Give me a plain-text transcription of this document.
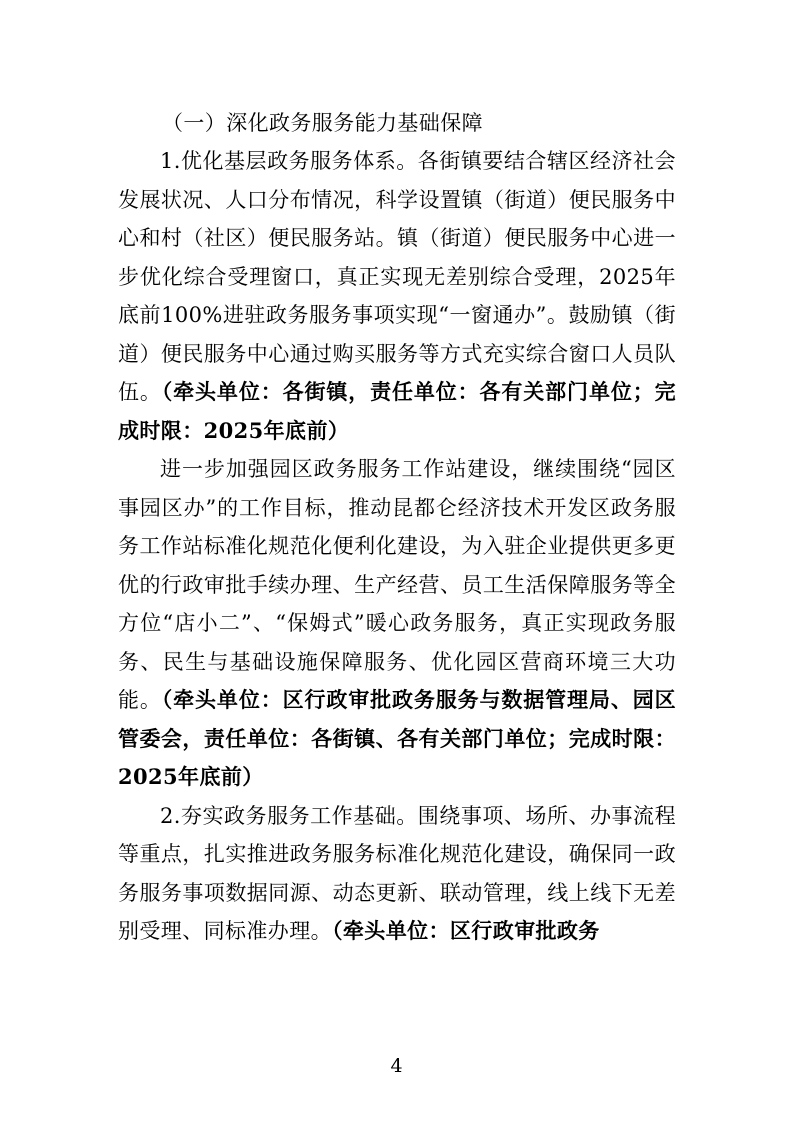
（一）深化政务服务能力基础保障

1.优化基层政务服务体系。各街镇要结合辖区经济社会发展状况、人口分布情况，科学设置镇（街道）便民服务中心和村（社区）便民服务站。镇（街道）便民服务中心进一步优化综合受理窗口，真正实现无差别综合受理，2025年底前100%进驻政务服务事项实现“一窗通办”。鼓励镇（街道）便民服务中心通过购买服务等方式充实综合窗口人员队伍。（牵头单位：各街镇，责任单位：各有关部门单位；完成时限：2025年底前）

进一步加强园区政务服务工作站建设，继续围绕“园区事园区办”的工作目标，推动昆都仑经济技术开发区政务服务工作站标准化规范化便利化建设，为入驻企业提供更多更优的行政审批手续办理、生产经营、员工生活保障服务等全方位“店小二”、“保姆式”暖心政务服务，真正实现政务服务、民生与基础设施保障服务、优化园区营商环境三大功能。（牵头单位：区行政审批政务服务与数据管理局、园区管委会，责任单位：各街镇、各有关部门单位；完成时限：2025年底前）

2.夯实政务服务工作基础。围绕事项、场所、办事流程等重点，扎实推进政务服务标准化规范化建设，确保同一政务服务事项数据同源、动态更新、联动管理，线上线下无差别受理、同标准办理。（牵头单位：区行政审批政务

4
